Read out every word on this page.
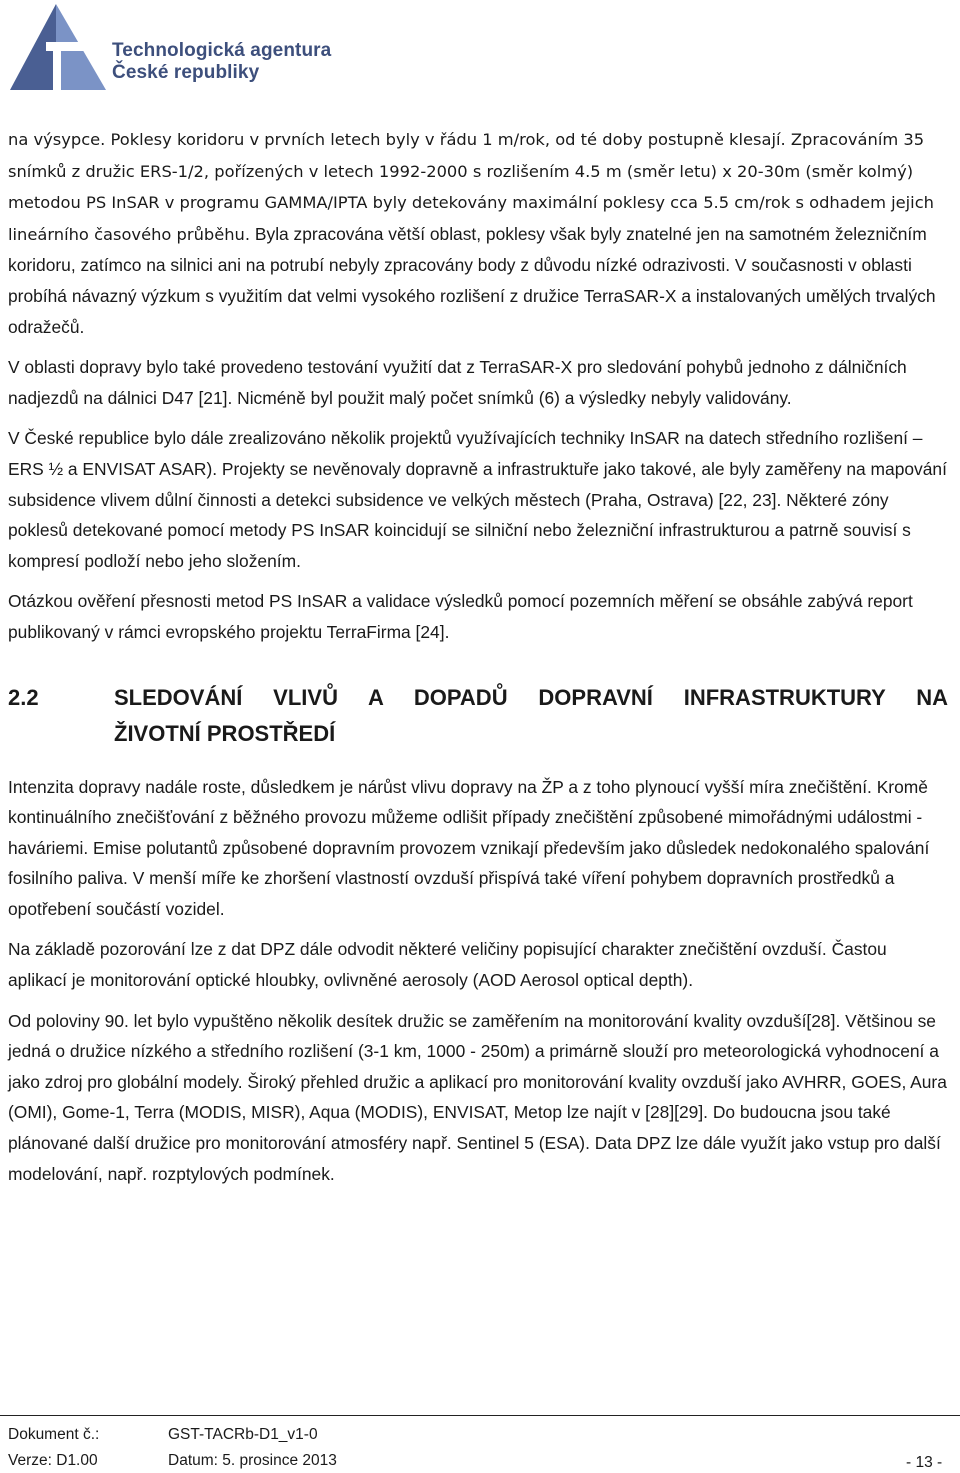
Technologická agentura
České republiky

na výsypce. Poklesy koridoru v prvních letech byly v řádu 1 m/rok, od té doby postupně klesají. Zpracováním 35 snímků z družic ERS-1/2, pořízených v letech 1992-2000 s rozlišením 4.5 m (směr letu) x 20-30m (směr kolmý) metodou PS InSAR v programu GAMMA/IPTA byly detekovány maximální poklesy cca 5.5 cm/rok s odhadem jejich lineárního časového průběhu. Byla zpracována větší oblast, poklesy však byly znatelné jen na samotném železničním koridoru, zatímco na silnici ani na potrubí nebyly zpracovány body z důvodu nízké odrazivosti. V současnosti v oblasti probíhá návazný výzkum s využitím dat velmi vysokého rozlišení z družice TerraSAR-X a instalovaných umělých trvalých odražečů.

V oblasti dopravy bylo také provedeno testování využití dat z TerraSAR-X pro sledování pohybů jednoho z dálničních nadjezdů na dálnici D47 [21]. Nicméně byl použit malý počet snímků (6) a výsledky nebyly validovány.

V České republice bylo dále zrealizováno několik projektů využívajících techniky InSAR na datech středního rozlišení – ERS ½ a ENVISAT ASAR). Projekty se nevěnovaly dopravně a infrastruktuře jako takové, ale byly zaměřeny na mapování subsidence vlivem důlní činnosti a detekci subsidence ve velkých městech (Praha, Ostrava) [22, 23]. Některé zóny poklesů detekované pomocí metody PS InSAR koincidují se silniční nebo železniční infrastrukturou a patrně souvisí s kompresí podloží nebo jeho složením.

Otázkou ověření přesnosti metod PS InSAR a validace výsledků pomocí pozemních měření se obsáhle zabývá report publikovaný v rámci evropského projektu TerraFirma [24].

2.2	SLEDOVÁNÍ VLIVŮ A DOPADŮ DOPRAVNÍ INFRASTRUKTURY NA
ŽIVOTNÍ PROSTŘEDÍ

Intenzita dopravy nadále roste, důsledkem je nárůst vlivu dopravy na ŽP a z toho plynoucí vyšší míra znečištění. Kromě kontinuálního znečišťování z běžného provozu můžeme odlišit případy znečištění způsobené mimořádnými událostmi - haváriemi. Emise polutantů způsobené dopravním provozem vznikají především jako důsledek nedokonalého spalování fosilního paliva. V menší míře ke zhoršení vlastností ovzduší přispívá také víření pohybem dopravních prostředků a opotřebení součástí vozidel.

Na základě pozorování lze z dat DPZ dále odvodit některé veličiny popisující charakter znečištění ovzduší. Častou aplikací je monitorování optické hloubky, ovlivněné aerosoly (AOD Aerosol optical depth).

Od poloviny 90. let bylo vypuštěno několik desítek družic se zaměřením na monitorování kvality ovzduší[28]. Většinou se jedná o družice nízkého a středního rozlišení (3-1 km, 1000 - 250m) a primárně slouží pro meteorologická vyhodnocení a jako zdroj pro globální modely. Široký přehled družic a aplikací pro monitorování kvality ovzduší jako AVHRR, GOES, Aura (OMI), Gome-1, Terra (MODIS, MISR), Aqua (MODIS), ENVISAT, Metop lze najít v [28][29]. Do budoucna jsou také plánované další družice pro monitorování atmosféry např. Sentinel 5 (ESA). Data DPZ lze dále využít jako vstup pro další modelování, např. rozptylových podmínek.

Dokument č.:	GST-TACRb-D1_v1-0
Verze: D1.00	Datum: 5. prosince 2013	- 13 -
